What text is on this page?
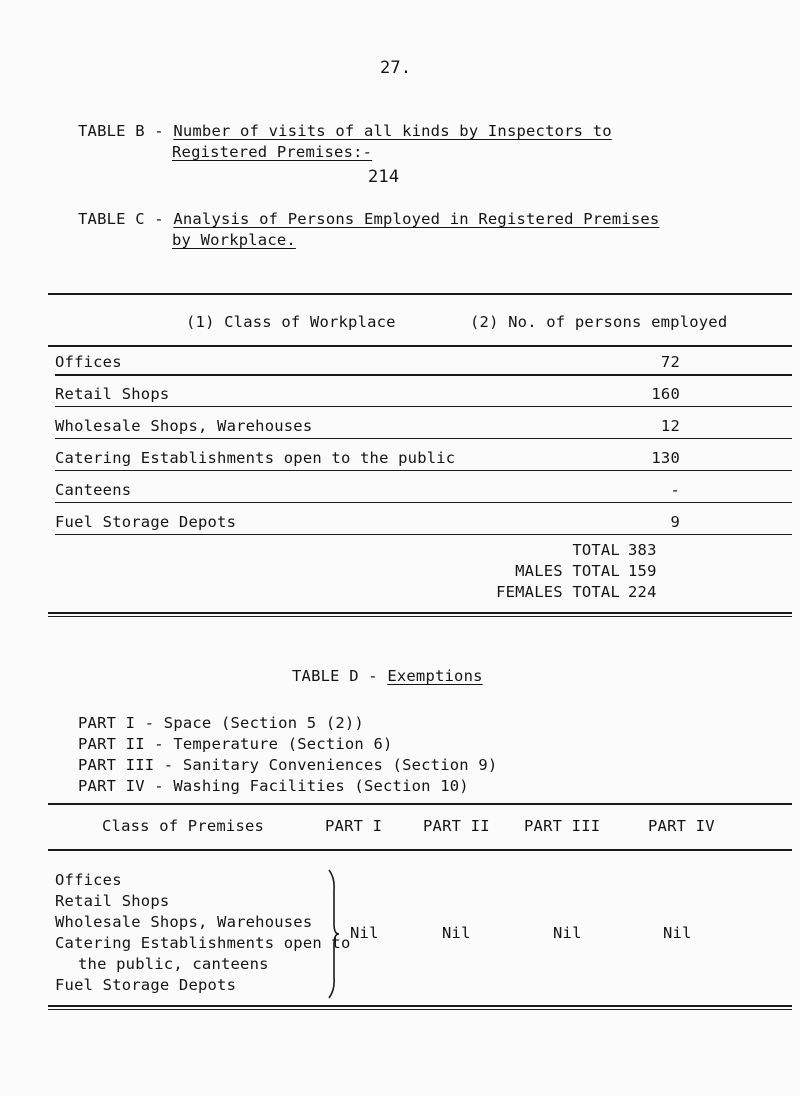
27.
TABLE B - Number of visits of all kinds by Inspectors to
Registered Premises:-
214
TABLE C - Analysis of Persons Employed in Registered Premises
by Workplace.
(1) Class of Workplace	(2) No. of persons employed
Offices	72
Retail Shops	160
Wholesale Shops, Warehouses	12
Catering Establishments open to the public	130
Canteens	-
Fuel Storage Depots	9
TOTAL 383
MALES TOTAL 159
FEMALES TOTAL 224
TABLE D - Exemptions
PART I - Space (Section 5 (2))
PART II - Temperature (Section 6)
PART III - Sanitary Conveniences (Section 9)
PART IV - Washing Facilities (Section 10)
Class of Premises	PART I	PART II PART III	PART IV
Offices
Retail Shops
Wholesale Shops, Warehouses
Catering Establishments open to
the public, canteens
Fuel Storage Depots
Nil	Nil	Nil	Nil
